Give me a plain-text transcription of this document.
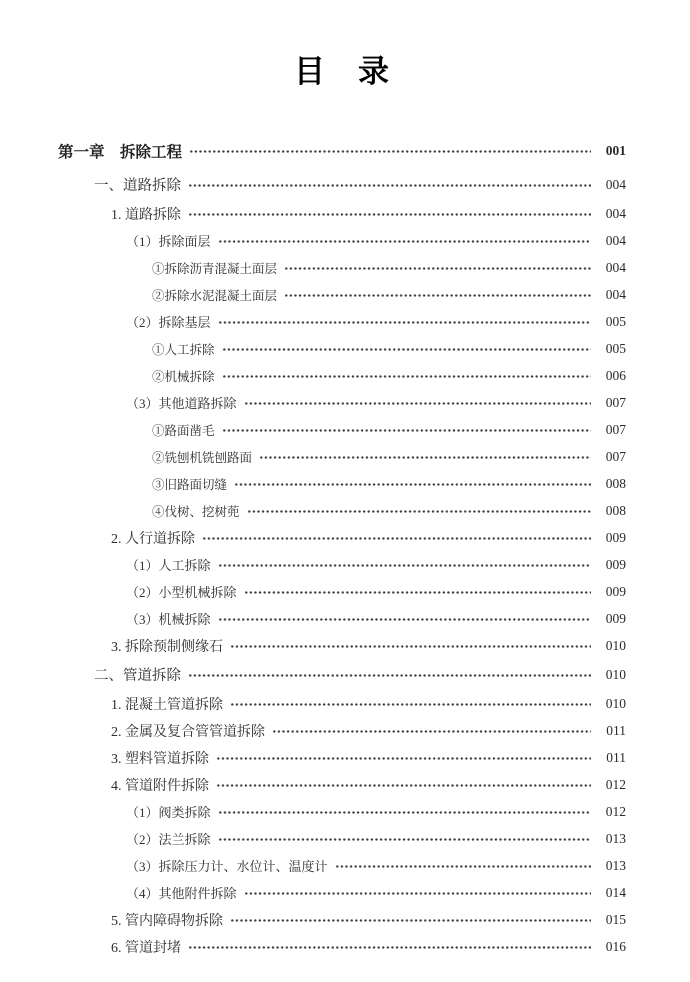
目　录
第一章　拆除工程	001
一、道路拆除	004
1. 道路拆除	004
（1）拆除面层	004
①拆除沥青混凝土面层	004
②拆除水泥混凝土面层	004
（2）拆除基层	005
①人工拆除	005
②机械拆除	006
（3）其他道路拆除	007
①路面凿毛	007
②铣刨机铣刨路面	007
③旧路面切缝	008
④伐树、挖树蔸	008
2. 人行道拆除	009
（1）人工拆除	009
（2）小型机械拆除	009
（3）机械拆除	009
3. 拆除预制侧缘石	010
二、管道拆除	010
1. 混凝土管道拆除	010
2. 金属及复合管管道拆除	011
3. 塑料管道拆除	011
4. 管道附件拆除	012
（1）阀类拆除	012
（2）法兰拆除	013
（3）拆除压力计、水位计、温度计	013
（4）其他附件拆除	014
5. 管内障碍物拆除	015
6. 管道封堵	016
